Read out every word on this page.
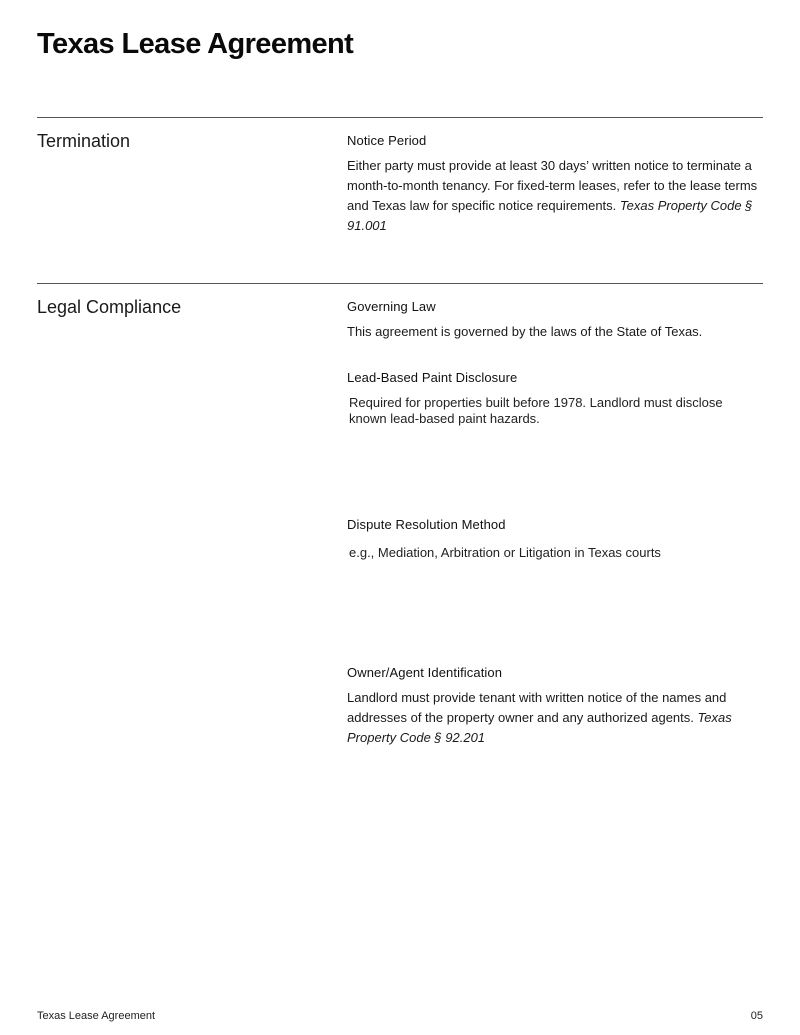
Texas Lease Agreement
Termination	Notice Period

Either party must provide at least 30 days’ written notice to terminate a month-to-month tenancy. For fixed-term leases, refer to the lease terms and Texas law for specific notice requirements. Texas Property Code § 91.001

Legal Compliance	Governing Law

This agreement is governed by the laws of the State of Texas.

Lead-Based Paint Disclosure

Required for properties built before 1978. Landlord must disclose known lead-based paint hazards.

Dispute Resolution Method

e.g., Mediation, Arbitration or Litigation in Texas courts

Owner/Agent Identification

Landlord must provide tenant with written notice of the names and addresses of the property owner and any authorized agents. Texas Property Code § 92.201

Texas Lease Agreement	05
